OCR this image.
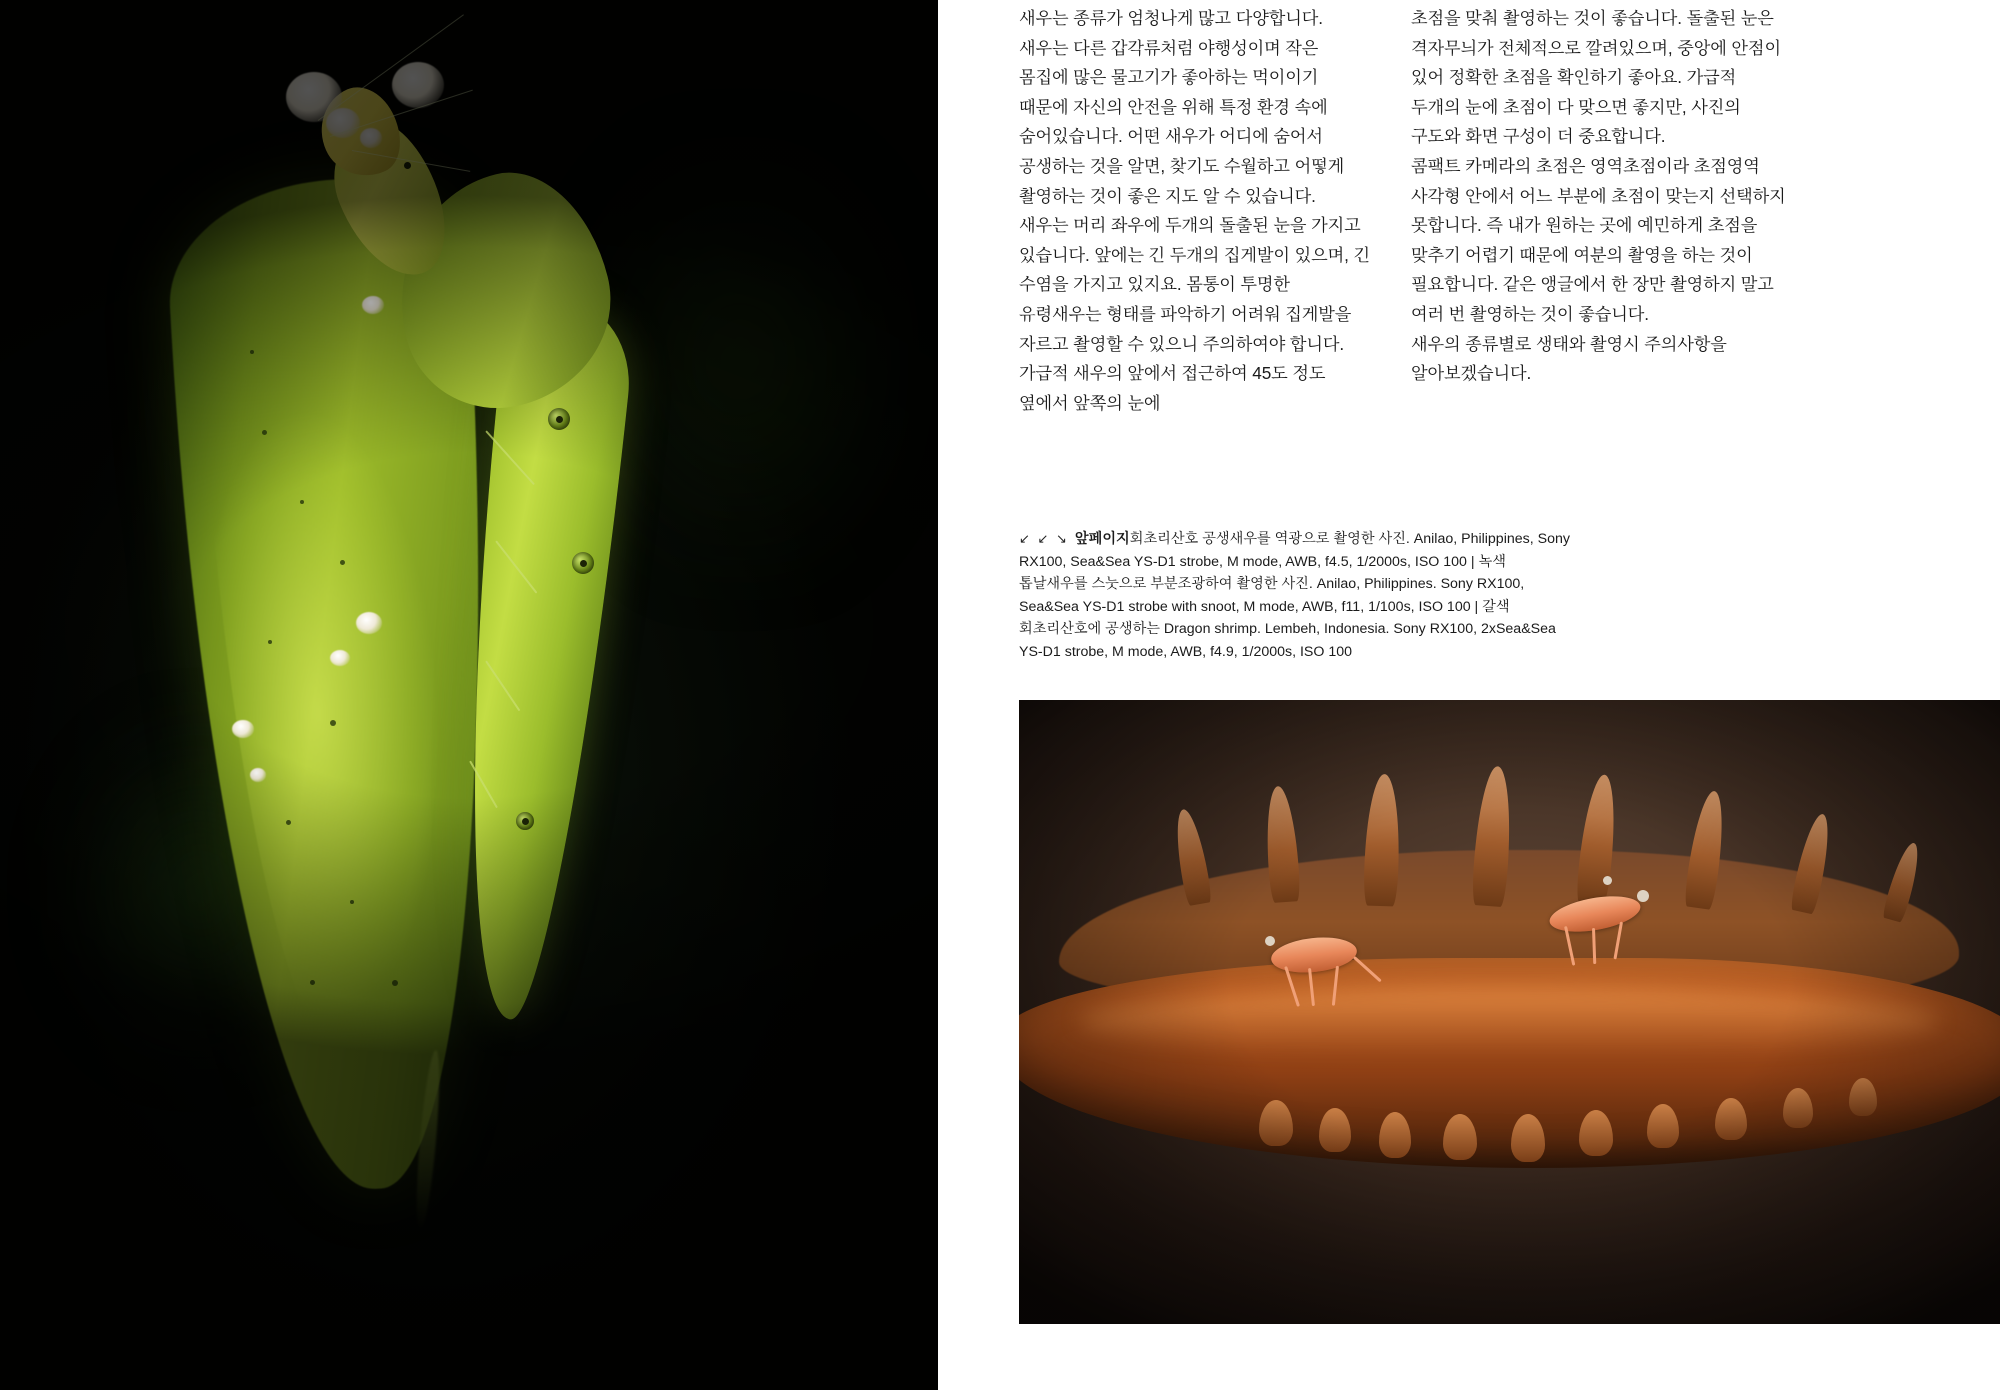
새우는 종류가 엄청나게 많고 다양합니다. 새우는 다른 갑각류처럼 야행성이며 작은 몸집에 많은 물고기가 좋아하는 먹이이기 때문에 자신의 안전을 위해 특정 환경 속에 숨어있습니다. 어떤 새우가 어디에 숨어서 공생하는 것을 알면, 찾기도 수월하고 어떻게 촬영하는 것이 좋은 지도 알 수 있습니다.
새우는 머리 좌우에 두개의 돌출된 눈을 가지고 있습니다. 앞에는 긴 두개의 집게발이 있으며, 긴 수염을 가지고 있지요. 몸통이 투명한 유령새우는 형태를 파악하기 어려워 집게발을 자르고 촬영할 수 있으니 주의하여야 합니다. 가급적 새우의 앞에서 접근하여 45도 정도 옆에서 앞쪽의 눈에

초점을 맞춰 촬영하는 것이 좋습니다. 돌출된 눈은 격자무늬가 전체적으로 깔려있으며, 중앙에 안점이 있어 정확한 초점을 확인하기 좋아요. 가급적 두개의 눈에 초점이 다 맞으면 좋지만, 사진의 구도와 화면 구성이 더 중요합니다.
콤팩트 카메라의 초점은 영역초점이라 초점영역 사각형 안에서 어느 부분에 초점이 맞는지 선택하지 못합니다. 즉 내가 원하는 곳에 예민하게 초점을 맞추기 어렵기 때문에 여분의 촬영을 하는 것이 필요합니다. 같은 앵글에서 한 장만 촬영하지 말고 여러 번 촬영하는 것이 좋습니다.
새우의 종류별로 생태와 촬영시 주의사항을 알아보겠습니다.

↙ ↙ ↘ 앞페이지회초리산호 공생새우를 역광으로 촬영한 사진. Anilao, Philippines, Sony RX100, Sea&Sea YS-D1 strobe, M mode, AWB, f4.5, 1/2000s, ISO 100 | 녹색 톱날새우를 스눗으로 부분조광하여 촬영한 사진. Anilao, Philippines. Sony RX100, Sea&Sea YS-D1 strobe with snoot, M mode, AWB, f11, 1/100s, ISO 100 | 갈색 회초리산호에 공생하는 Dragon shrimp. Lembeh, Indonesia. Sony RX100, 2xSea&Sea YS-D1 strobe, M mode, AWB, f4.9, 1/2000s, ISO 100
